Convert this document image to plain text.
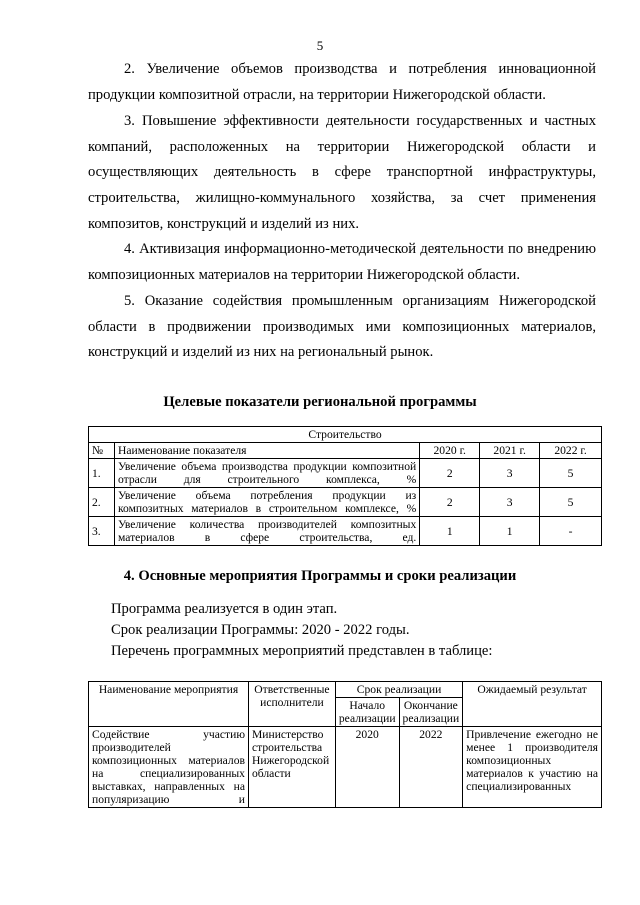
5
2. Увеличение объемов производства и потребления инновационной продукции композитной отрасли, на территории Нижегородской области.
3. Повышение эффективности деятельности государственных и частных компаний, расположенных на территории Нижегородской области и осуществляющих деятельность в сфере транспортной инфраструктуры, строительства, жилищно-коммунального хозяйства, за счет применения композитов, конструкций и изделий из них.
4. Активизация информационно-методической деятельности по внедрению композиционных материалов на территории Нижегородской области.
5. Оказание содействия промышленным организациям Нижегородской области в продвижении производимых ими композиционных материалов, конструкций и изделий из них на региональный рынок.
Целевые показатели региональной программы
Строительство				
№	Наименование показателя	2020 г.	2021 г.	2022 г.
1.	Увеличение объема производства продукции композитной отрасли для строительного комплекса, %	2	3	5
2.	Увеличение объема потребления продукции из композитных материалов в строительном комплексе, %	2	3	5
3.	Увеличение количества производителей композитных материалов в сфере строительства, ед.	1	1	-
4. Основные мероприятия Программы и сроки реализации
Программа реализуется в один этап.
Срок реализации Программы: 2020 - 2022 годы.
Перечень программных мероприятий представлен в таблице:
Наименование мероприятия	Ответственные исполнители	Срок реализации		Ожидаемый результат
		Начало реализации	Окончание реализации	
Содействие участию производителей композиционных материалов на специализированных выставках, направленных на популяризацию и	Министерство строительства Нижегородской области	2020	2022	Привлечение ежегодно не менее 1 производителя композиционных материалов к участию на специализированных
